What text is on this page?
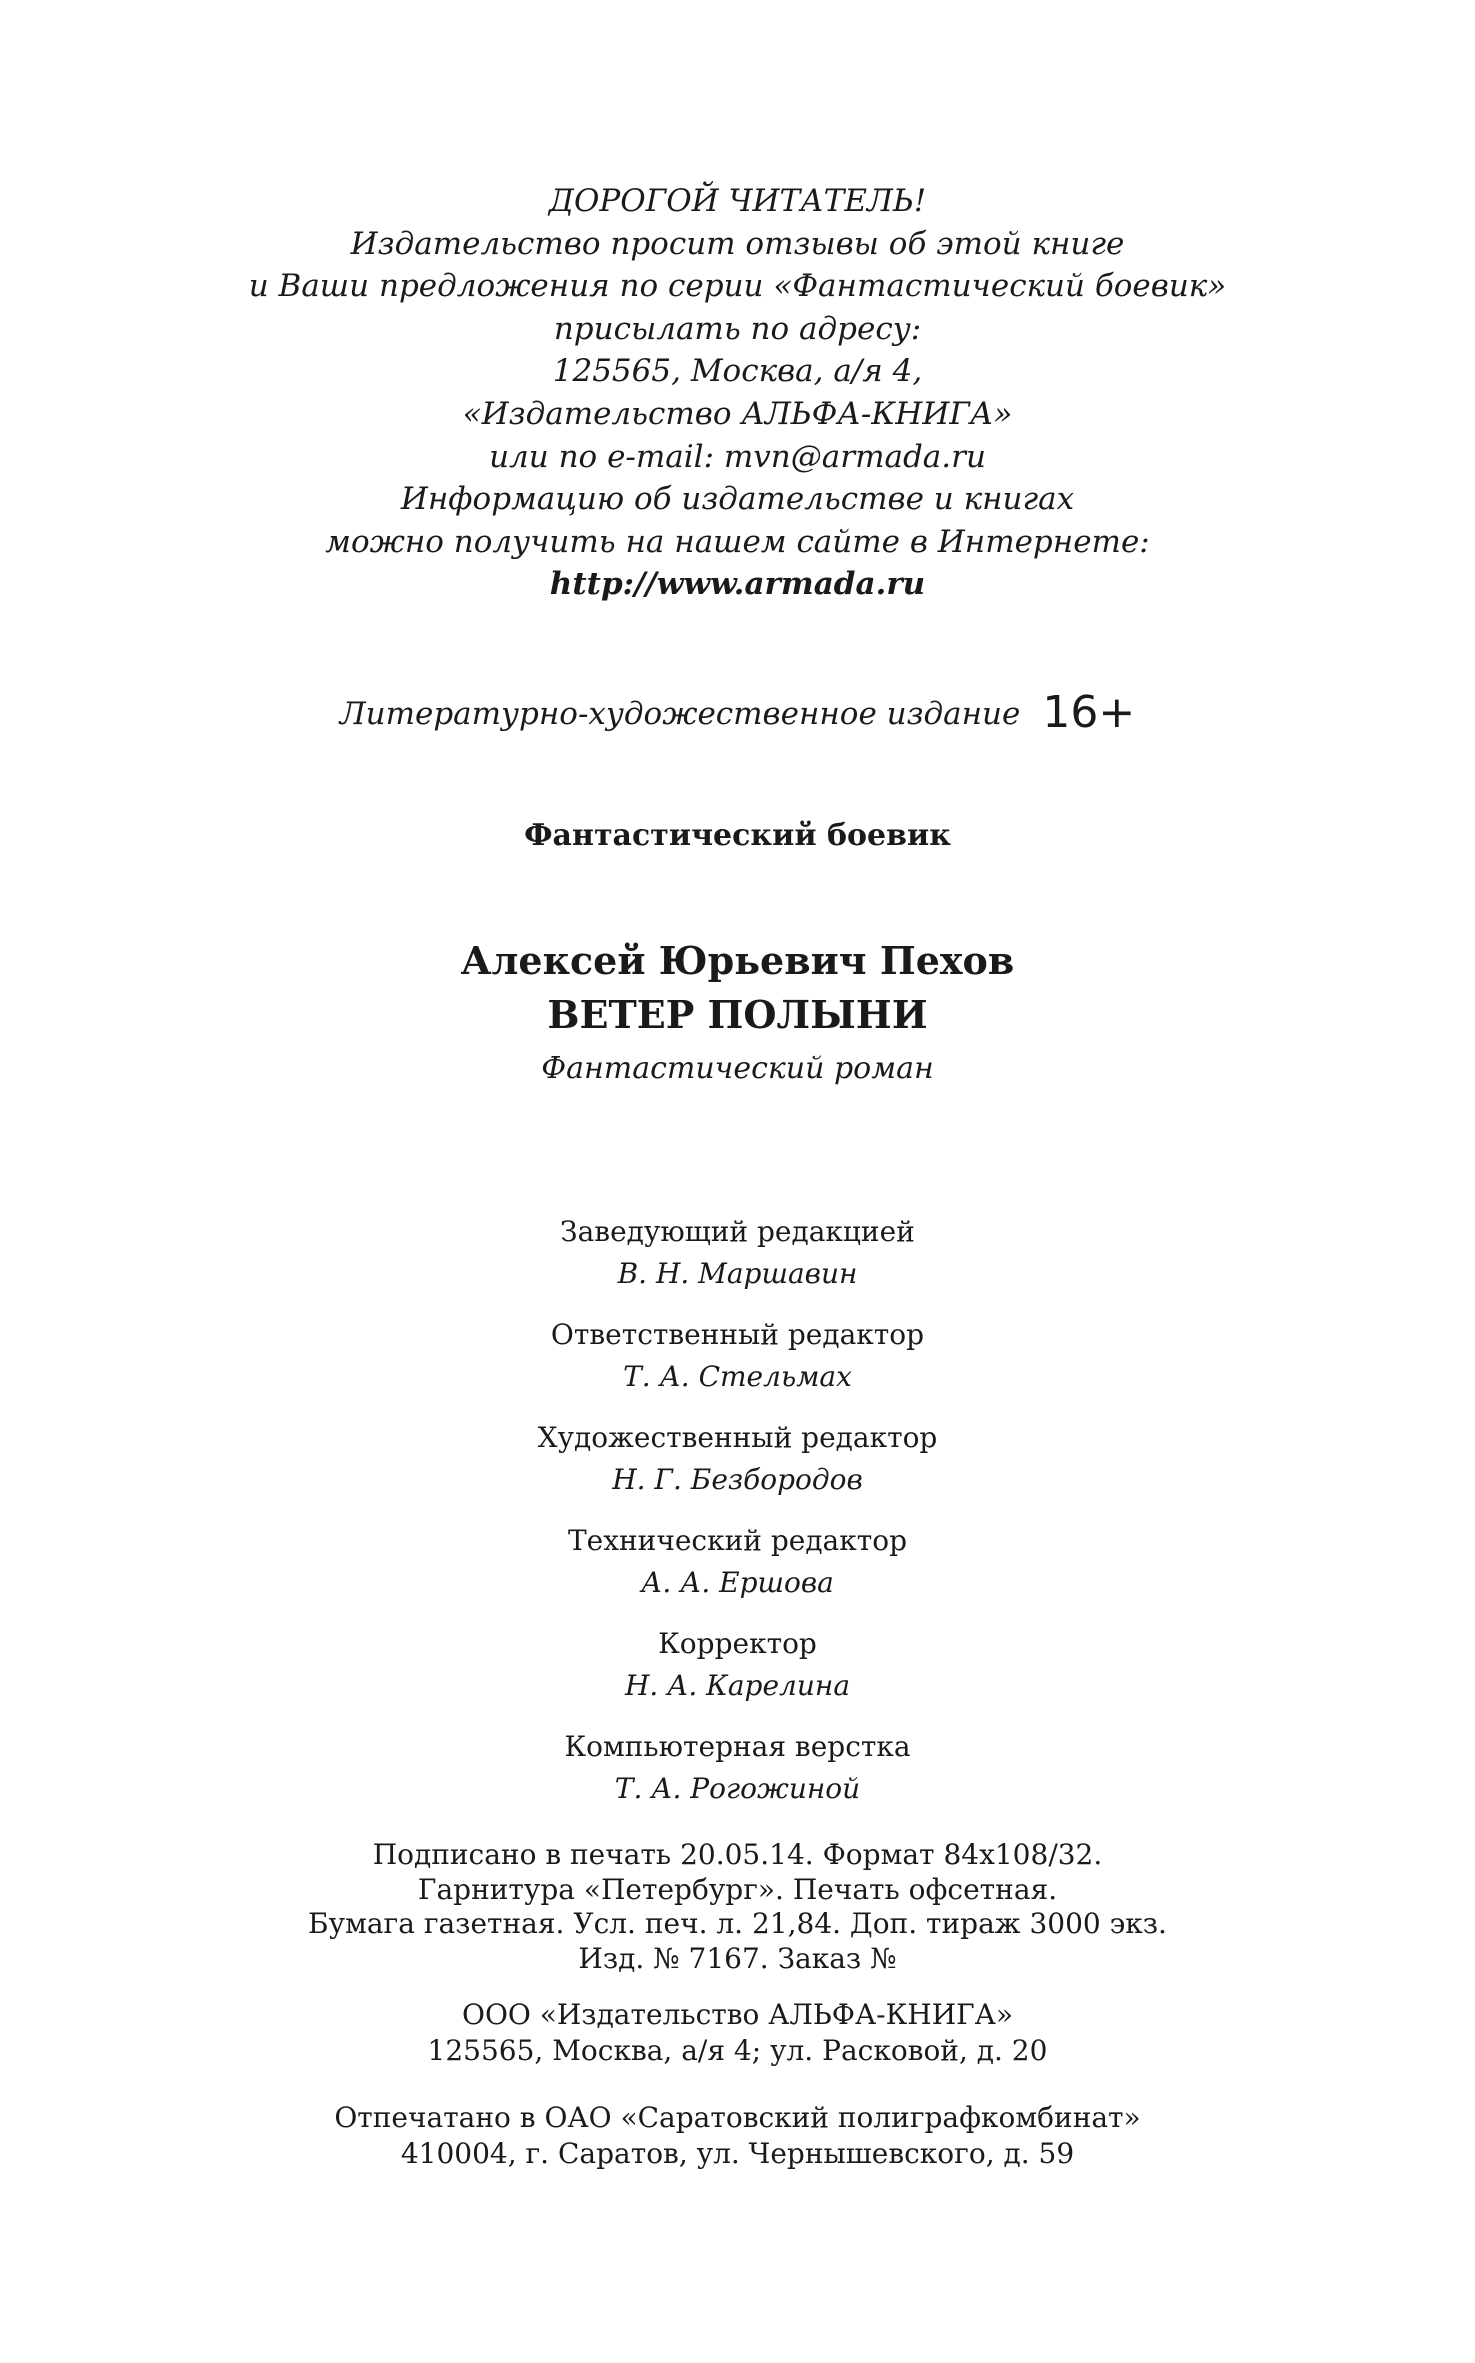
ДОРОГОЙ ЧИТАТЕЛЬ!
Издательство просит отзывы об этой книге
и Ваши предложения по серии «Фантастический боевик»
присылать по адресу:
125565, Москва, а/я 4,
«Издательство АЛЬФА-КНИГА»
или по e-mail: mvn@armada.ru
Информацию об издательстве и книгах
можно получить на нашем сайте в Интернете:
http://www.armada.ru
Литературно-художественное издание 16+
Фантастический боевик
Алексей Юрьевич Пехов
ВЕТЕР ПОЛЫНИ
Фантастический роман
Заведующий редакцией
В. Н. Маршавин
Ответственный редактор
Т. А. Стельмах
Художественный редактор
Н. Г. Безбородов
Технический редактор
А. А. Ершова
Корректор
Н. А. Карелина
Компьютерная верстка
Т. А. Рогожиной
Подписано в печать 20.05.14. Формат 84x108/32.
Гарнитура «Петербург». Печать офсетная.
Бумага газетная. Усл. печ. л. 21,84. Доп. тираж 3000 экз.
Изд. № 7167. Заказ №
ООО «Издательство АЛЬФА-КНИГА»
125565, Москва, а/я 4; ул. Расковой, д. 20
Отпечатано в ОАО «Саратовский полиграфкомбинат»
410004, г. Саратов, ул. Чернышевского, д. 59
